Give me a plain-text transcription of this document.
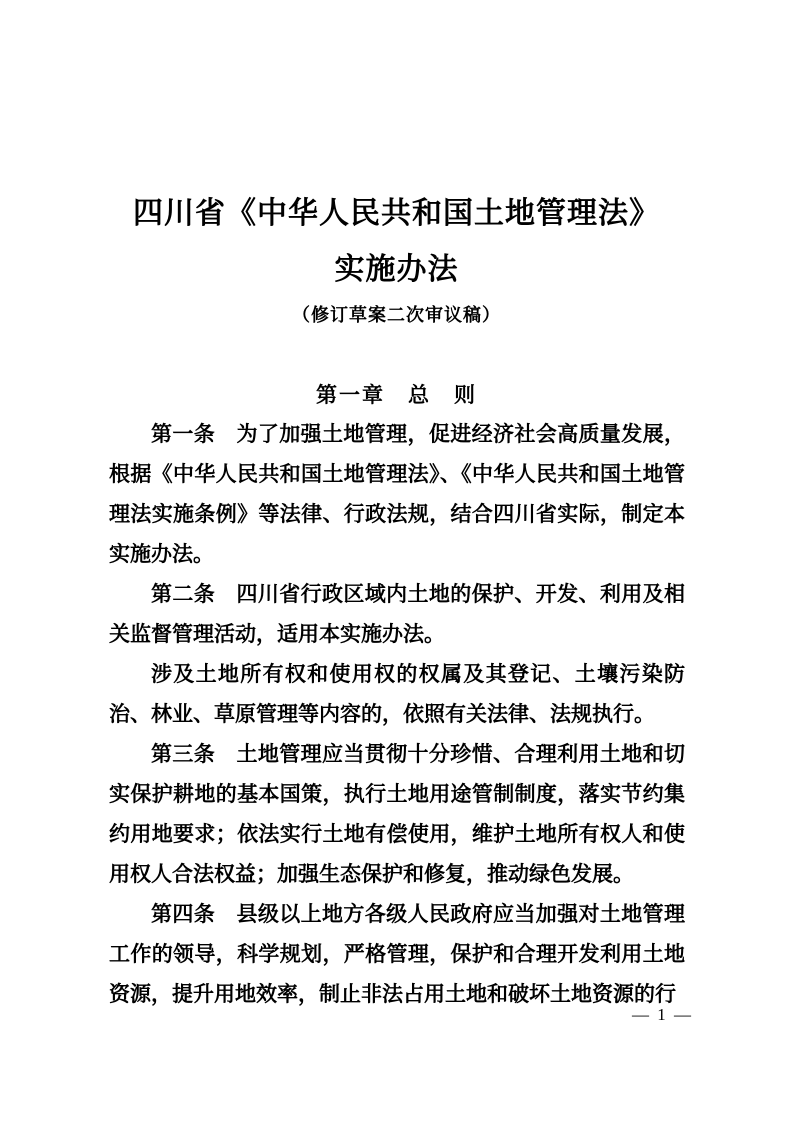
四川省《中华人民共和国土地管理法》
实施办法
（修订草案二次审议稿）
第一章　总　则

第一条　为了加强土地管理，促进经济社会高质量发展，根据《中华人民共和国土地管理法》、《中华人民共和国土地管理法实施条例》等法律、行政法规，结合四川省实际，制定本实施办法。

第二条　四川省行政区域内土地的保护、开发、利用及相关监督管理活动，适用本实施办法。

涉及土地所有权和使用权的权属及其登记、土壤污染防治、林业、草原管理等内容的，依照有关法律、法规执行。

第三条　土地管理应当贯彻十分珍惜、合理利用土地和切实保护耕地的基本国策，执行土地用途管制制度，落实节约集约用地要求；依法实行土地有偿使用，维护土地所有权人和使用权人合法权益；加强生态保护和修复，推动绿色发展。

第四条　县级以上地方各级人民政府应当加强对土地管理工作的领导，科学规划，严格管理，保护和合理开发利用土地资源，提升用地效率，制止非法占用土地和破坏土地资源的行

— 1 —
